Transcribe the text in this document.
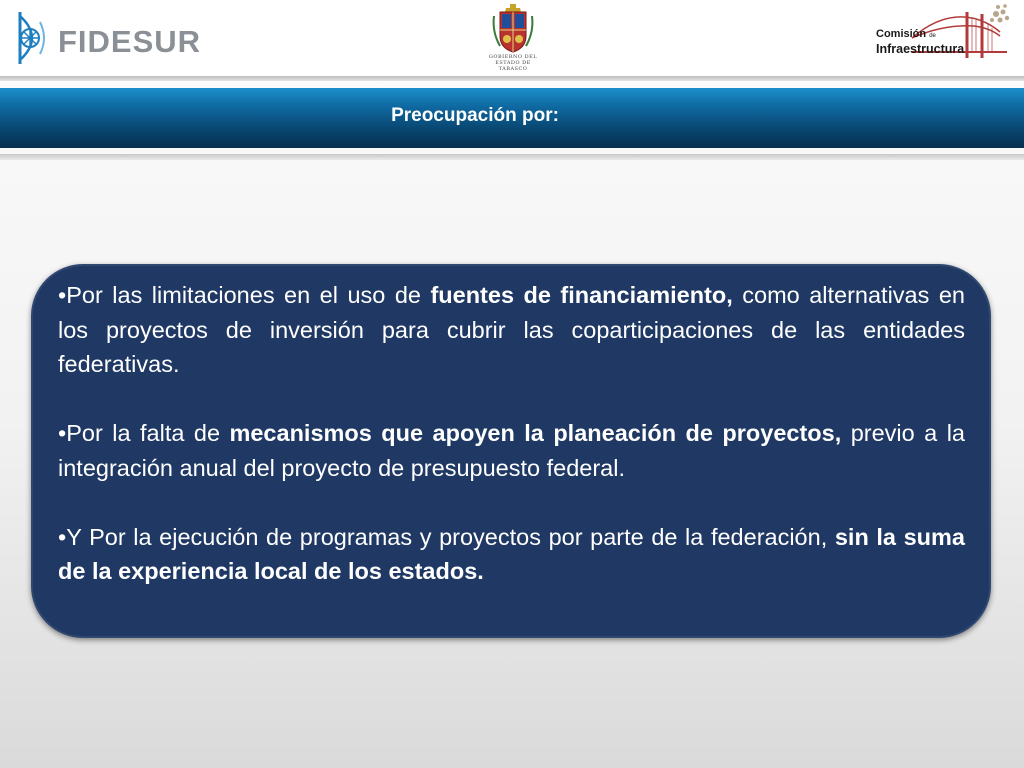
FIDESUR	GOBIERNO DEL ESTADO DE TABASCO
Comisión de
Infraestructura
Preocupación por:

•Por las limitaciones en el uso de fuentes de financiamiento, como alternativas en los proyectos de inversión para cubrir las coparticipaciones de las entidades federativas.

•Por la falta de mecanismos que apoyen la planeación de proyectos, previo a la integración anual del proyecto de presupuesto federal.

•Y Por la ejecución de programas y proyectos por parte de la federación, sin la suma de la experiencia local de los estados.
